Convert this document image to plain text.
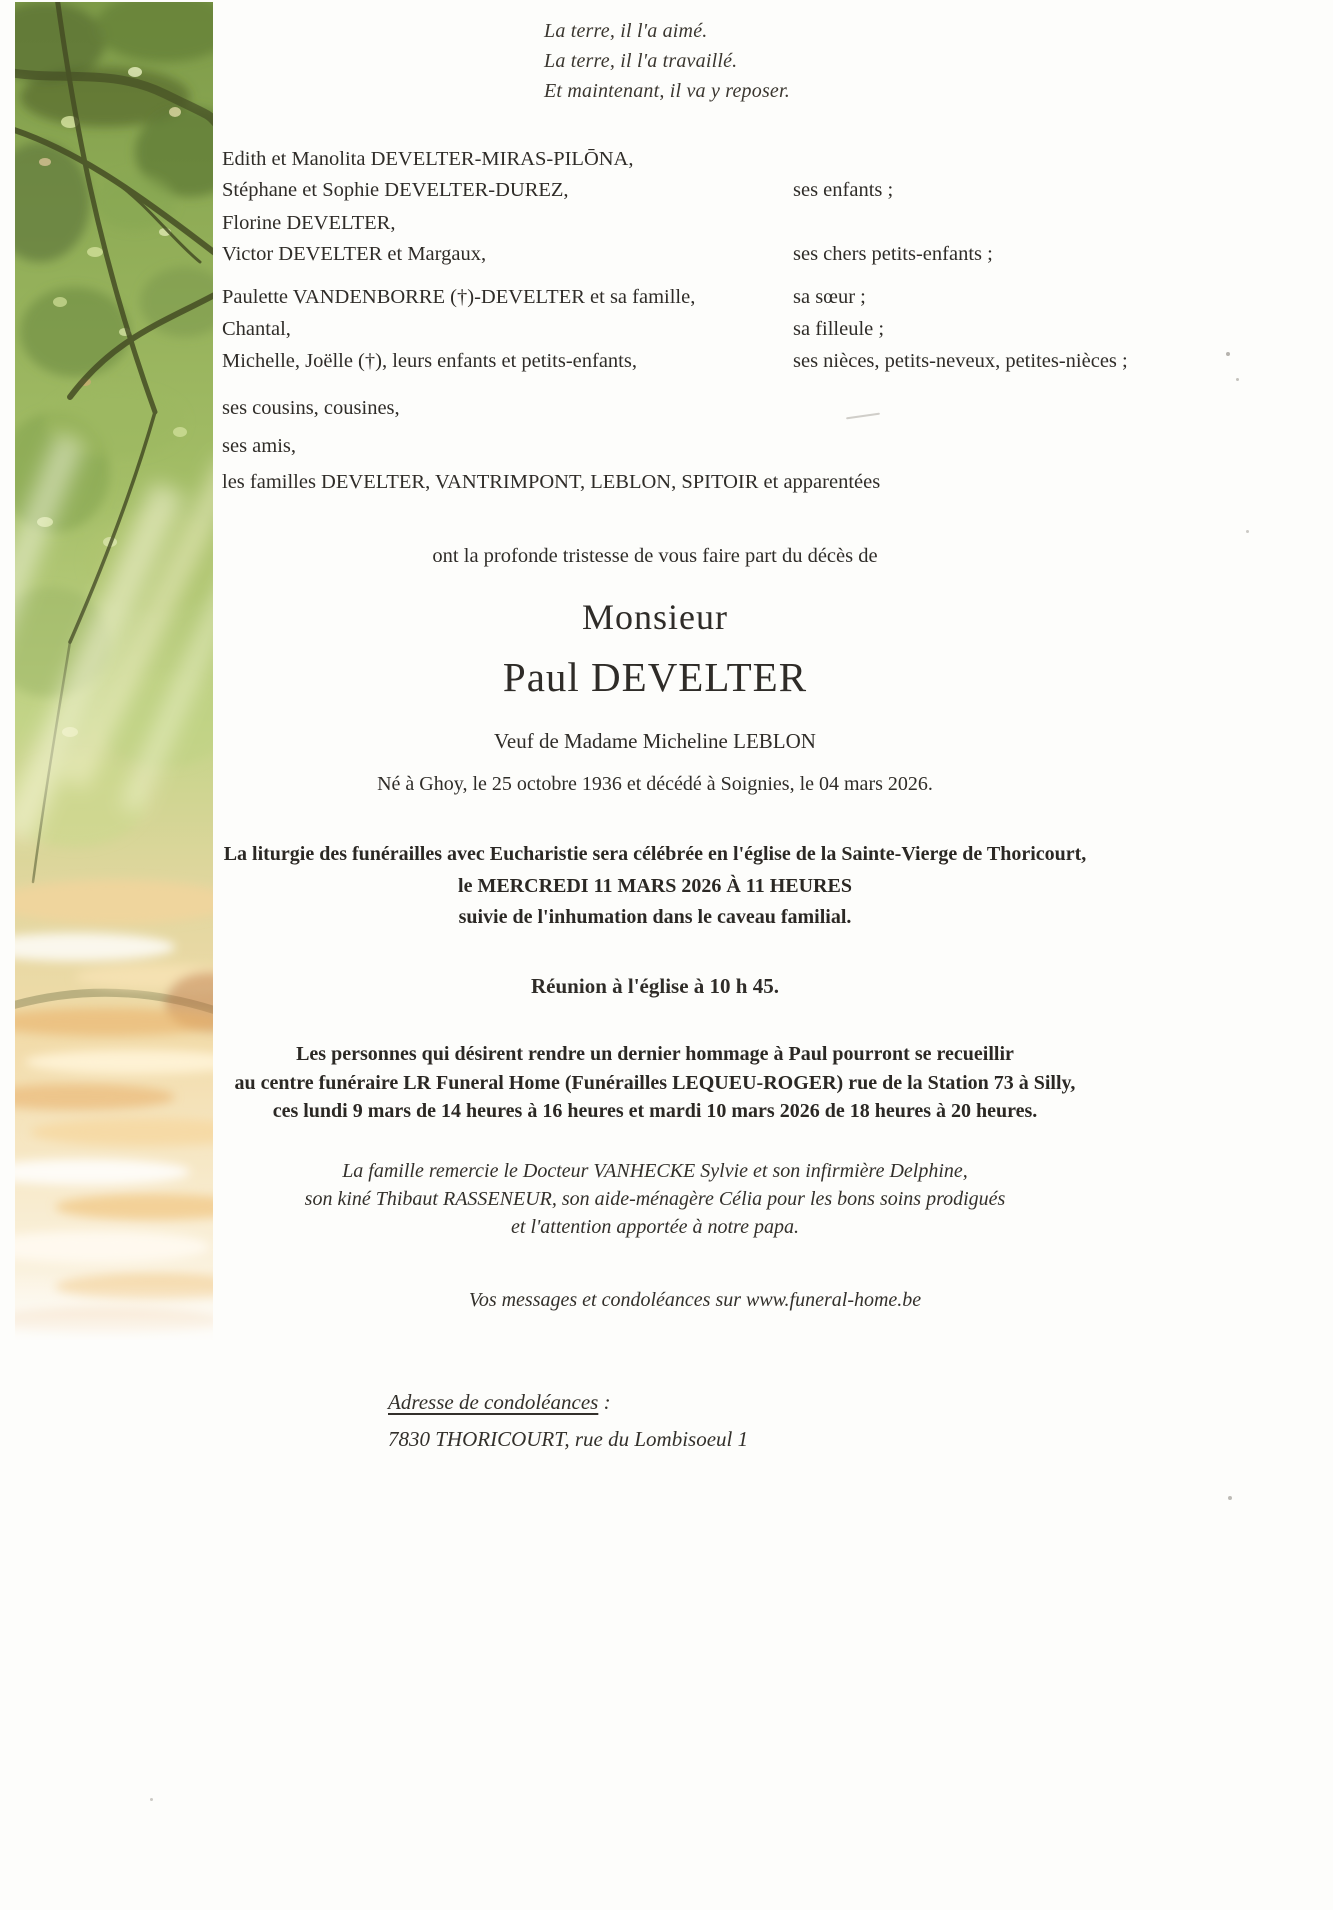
La terre, il l'a aimé.
La terre, il l'a travaillé.
Et maintenant, il va y reposer.
Edith et Manolita DEVELTER-MIRAS-PILŌNA,
Stéphane et Sophie DEVELTER-DUREZ,	ses enfants ;
Florine DEVELTER,
Victor DEVELTER et Margaux,	ses chers petits-enfants ;
Paulette VANDENBORRE (†)-DEVELTER et sa famille,	sa sœur ;
Chantal,	sa filleule ;
Michelle, Joëlle (†), leurs enfants et petits-enfants,	ses nièces, petits-neveux, petites-nièces ;
ses cousins, cousines,
ses amis,
les familles DEVELTER, VANTRIMPONT, LEBLON, SPITOIR et apparentées
ont la profonde tristesse de vous faire part du décès de
Monsieur
Paul DEVELTER
Veuf de Madame Micheline LEBLON
Né à Ghoy, le 25 octobre 1936 et décédé à Soignies, le 04 mars 2026.
La liturgie des funérailles avec Eucharistie sera célébrée en l'église de la Sainte-Vierge de Thoricourt,
le MERCREDI 11 MARS 2026 À 11 HEURES
suivie de l'inhumation dans le caveau familial.
Réunion à l'église à 10 h 45.
Les personnes qui désirent rendre un dernier hommage à Paul pourront se recueillir
au centre funéraire LR Funeral Home (Funérailles LEQUEU-ROGER) rue de la Station 73 à Silly,
ces lundi 9 mars de 14 heures à 16 heures et mardi 10 mars 2026 de 18 heures à 20 heures.
La famille remercie le Docteur VANHECKE Sylvie et son infirmière Delphine,
son kiné Thibaut RASSENEUR, son aide-ménagère Célia pour les bons soins prodigués
et l'attention apportée à notre papa.
Vos messages et condoléances sur www.funeral-home.be
Adresse de condoléances :
7830 THORICOURT, rue du Lombisoeul 1
